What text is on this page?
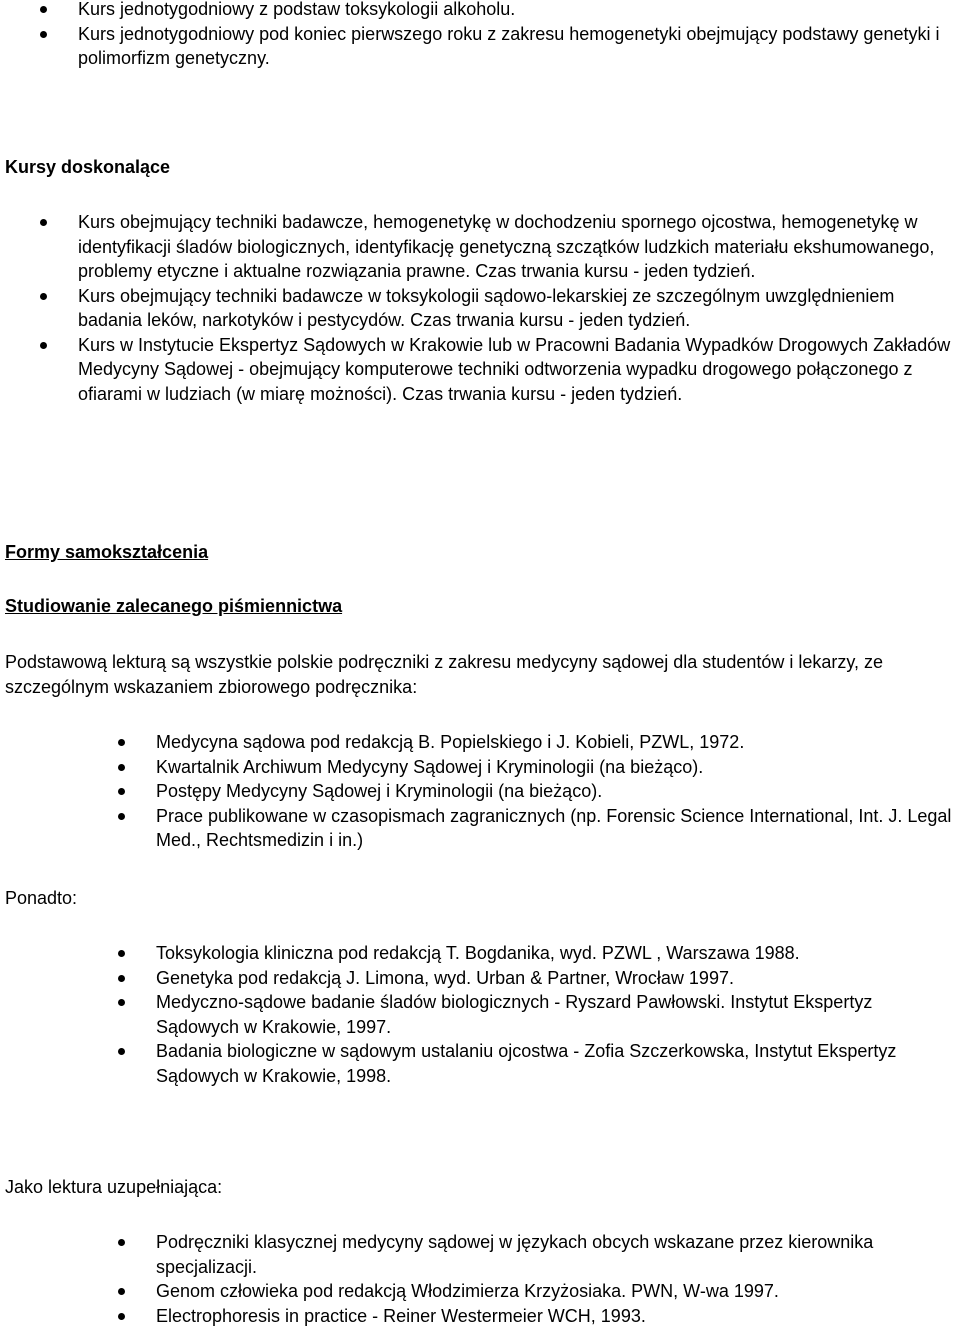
Kurs jednotygodniowy z podstaw toksykologii alkoholu.
Kurs jednotygodniowy pod koniec pierwszego roku z zakresu hemogenetyki obejmujący podstawy genetyki i polimorfizm genetyczny.
Kursy doskonalące
Kurs obejmujący techniki badawcze, hemogenetykę w dochodzeniu spornego ojcostwa, hemogenetykę w identyfikacji śladów biologicznych, identyfikację genetyczną szczątków ludzkich materiału ekshumowanego, problemy etyczne i aktualne rozwiązania prawne. Czas trwania kursu - jeden tydzień.
Kurs obejmujący techniki badawcze w toksykologii sądowo-lekarskiej ze szczególnym uwzględnieniem badania leków, narkotyków i pestycydów. Czas trwania kursu - jeden tydzień.
Kurs w Instytucie Ekspertyz Sądowych w Krakowie lub w Pracowni Badania Wypadków Drogowych Zakładów Medycyny Sądowej - obejmujący komputerowe techniki odtworzenia wypadku drogowego połączonego z ofiarami w ludziach (w miarę możności). Czas trwania kursu - jeden tydzień.
Formy samokształcenia
Studiowanie zalecanego piśmiennictwa

Podstawową lekturą są wszystkie polskie podręczniki z zakresu medycyny sądowej dla studentów i lekarzy, ze szczególnym wskazaniem zbiorowego podręcznika:

Medycyna sądowa pod redakcją B. Popielskiego i J. Kobieli, PZWL, 1972.
Kwartalnik Archiwum Medycyny Sądowej i Kryminologii (na bieżąco).
Postępy Medycyny Sądowej i Kryminologii (na bieżąco).
Prace publikowane w czasopismach zagranicznych (np. Forensic Science International, Int. J. Legal Med., Rechtsmedizin i in.)

Ponadto:

Toksykologia kliniczna pod redakcją T. Bogdanika, wyd. PZWL , Warszawa 1988.
Genetyka pod redakcją J. Limona, wyd. Urban & Partner, Wrocław 1997.
Medyczno-sądowe badanie śladów biologicznych - Ryszard Pawłowski. Instytut Ekspertyz Sądowych w Krakowie, 1997.
Badania biologiczne w sądowym ustalaniu ojcostwa - Zofia Szczerkowska, Instytut Ekspertyz Sądowych w Krakowie, 1998.

Jako lektura uzupełniająca:

Podręczniki klasycznej medycyny sądowej w językach obcych wskazane przez kierownika specjalizacji.
Genom człowieka pod redakcją Włodzimierza Krzyżosiaka. PWN, W-wa 1997.
Electrophoresis in practice - Reiner Westermeier WCH, 1993.
